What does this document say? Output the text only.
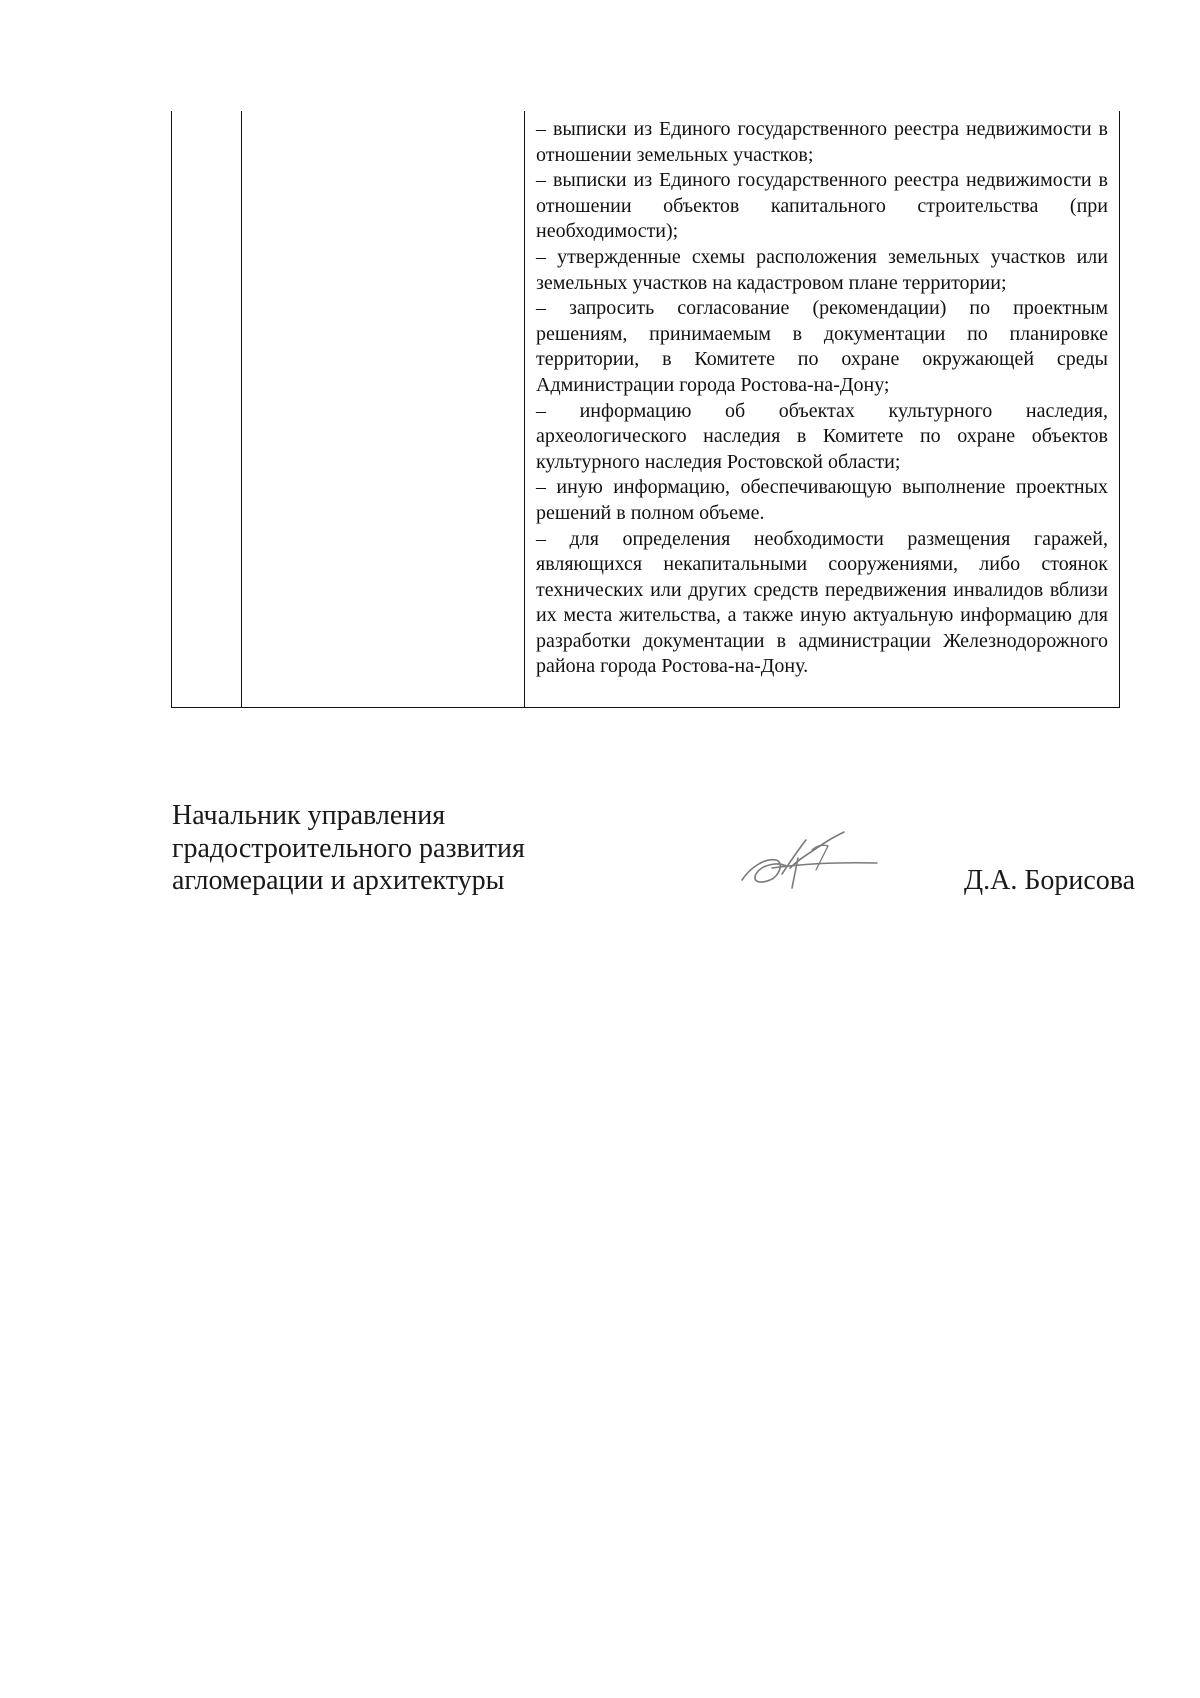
– выписки из Единого государственного реестра недвижимости в отношении земельных участков;

– выписки из Единого государственного реестра недвижимости в отношении объектов капитального строительства (при необходимости);

– утвержденные схемы расположения земельных участков или земельных участков на кадастровом плане территории;

– запросить согласование (рекомендации) по проектным решениям, принимаемым в документации по планировке территории, в Комитете по охране окружающей среды Администрации города Ростова-на-Дону;

– информацию об объектах культурного наследия, археологического наследия в Комитете по охране объектов культурного наследия Ростовской области;

– иную информацию, обеспечивающую выполнение проектных решений в полном объеме.

– для определения необходимости размещения гаражей, являющихся некапитальными сооружениями, либо стоянок технических или других средств передвижения инвалидов вблизи их места жительства, а также иную актуальную информацию для разработки документации в администрации Железнодорожного района города Ростова-на-Дону.

Начальник управления
градостроительного развития
агломерации и архитектуры	Д.А. Борисова
